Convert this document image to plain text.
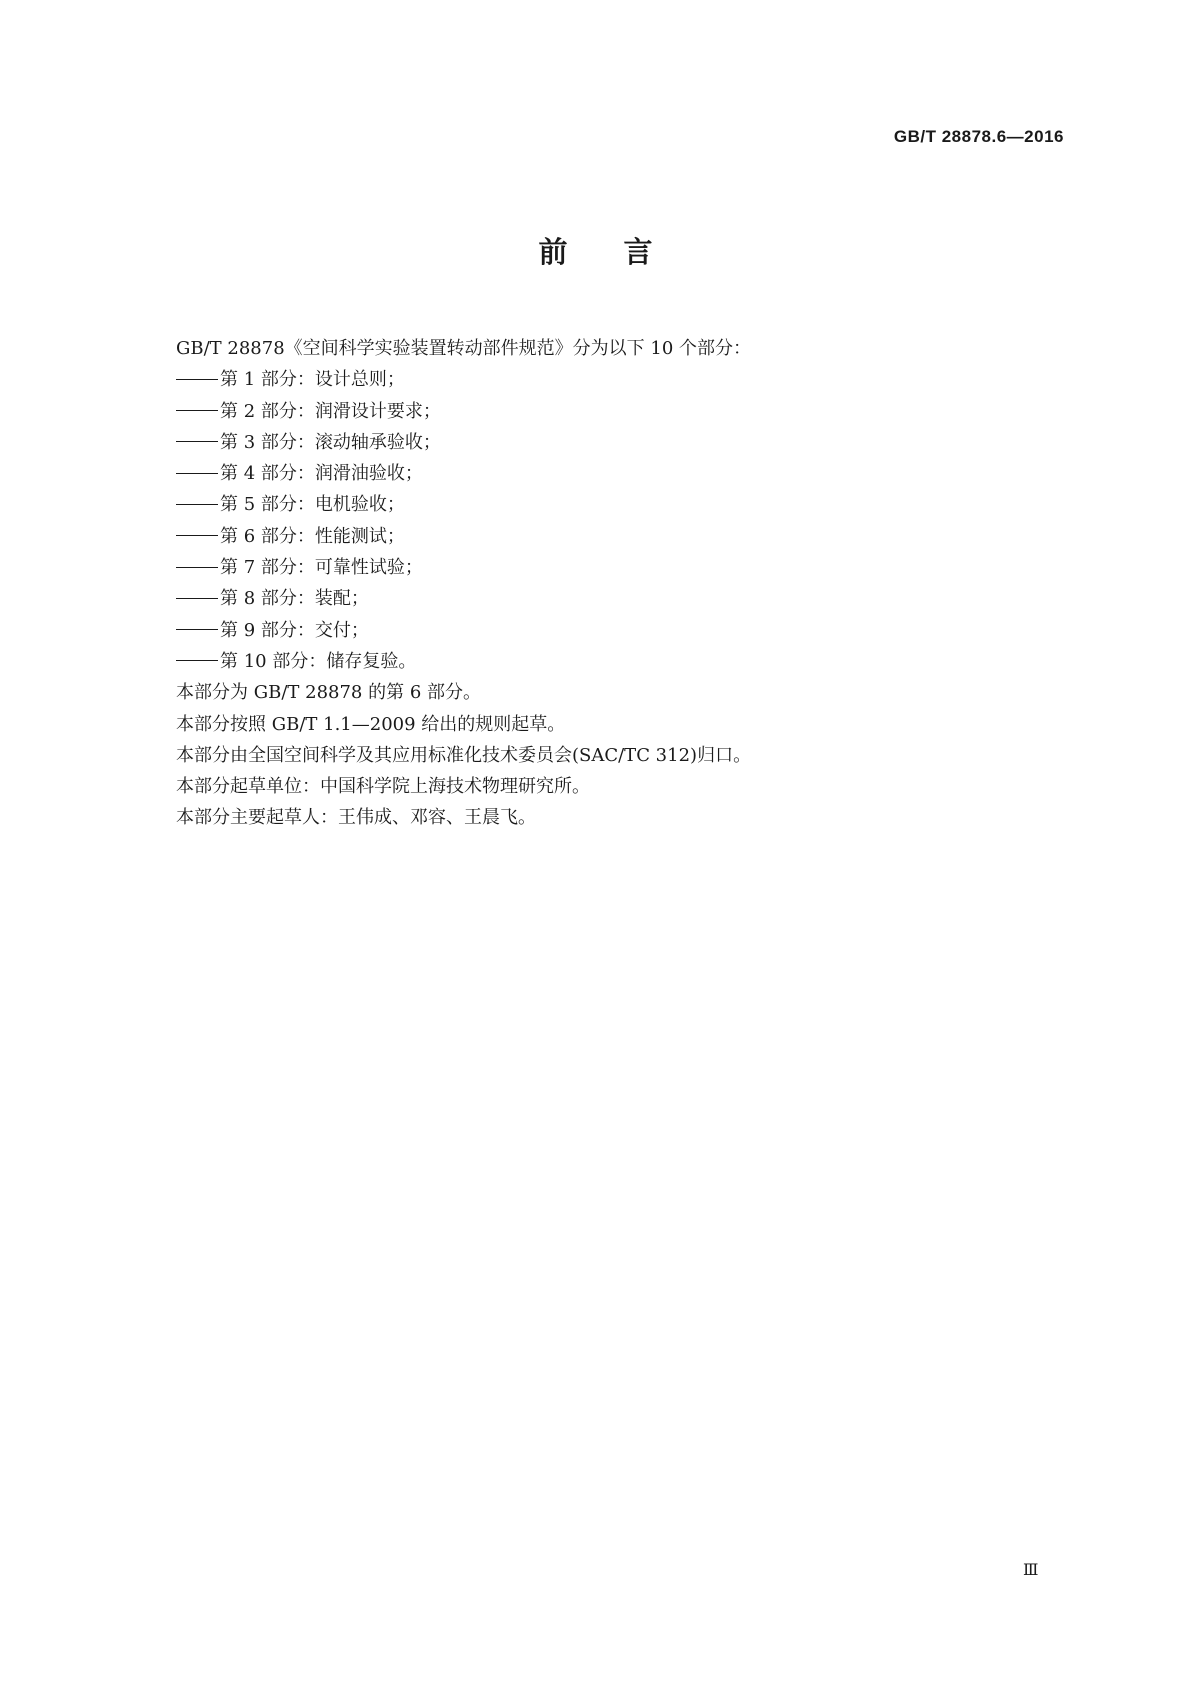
GB/T 28878.6—2016
前言
GB/T 28878《空间科学实验装置转动部件规范》分为以下 10 个部分：
第 1 部分：设计总则；
第 2 部分：润滑设计要求；
第 3 部分：滚动轴承验收；
第 4 部分：润滑油验收；
第 5 部分：电机验收；
第 6 部分：性能测试；
第 7 部分：可靠性试验；
第 8 部分：装配；
第 9 部分：交付；
第 10 部分：储存复验。
本部分为 GB/T 28878 的第 6 部分。
本部分按照 GB/T 1.1—2009 给出的规则起草。
本部分由全国空间科学及其应用标准化技术委员会(SAC/TC 312)归口。
本部分起草单位：中国科学院上海技术物理研究所。
本部分主要起草人：王伟成、邓容、王晨飞。
Ⅲ
